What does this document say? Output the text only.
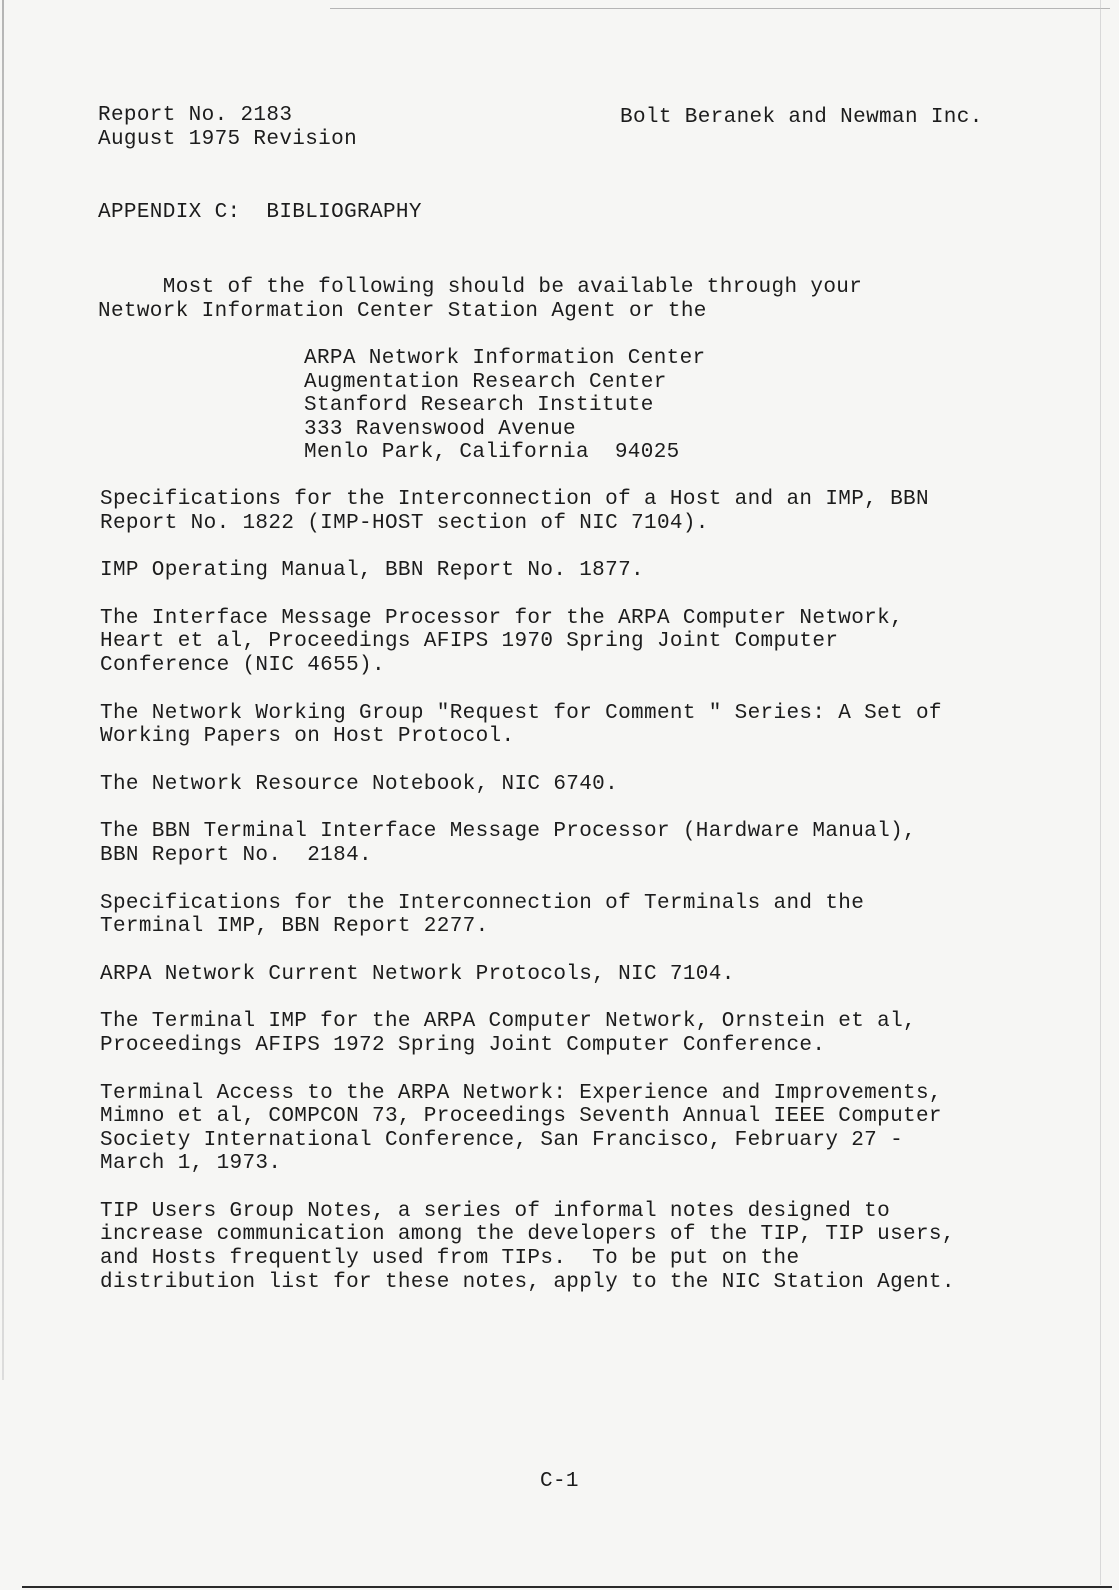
Report No. 2183
August 1975 Revision
Bolt Beranek and Newman Inc.
APPENDIX C:  BIBLIOGRAPHY
Most of the following should be available through your
Network Information Center Station Agent or the
ARPA Network Information Center
Augmentation Research Center
Stanford Research Institute
333 Ravenswood Avenue
Menlo Park, California  94025
Specifications for the Interconnection of a Host and an IMP, BBN
Report No. 1822 (IMP-HOST section of NIC 7104).
IMP Operating Manual, BBN Report No. 1877.
The Interface Message Processor for the ARPA Computer Network,
Heart et al, Proceedings AFIPS 1970 Spring Joint Computer
Conference (NIC 4655).
The Network Working Group "Request for Comment " Series: A Set of
Working Papers on Host Protocol.
The Network Resource Notebook, NIC 6740.
The BBN Terminal Interface Message Processor (Hardware Manual),
BBN Report No.  2184.
Specifications for the Interconnection of Terminals and the
Terminal IMP, BBN Report 2277.
ARPA Network Current Network Protocols, NIC 7104.
The Terminal IMP for the ARPA Computer Network, Ornstein et al,
Proceedings AFIPS 1972 Spring Joint Computer Conference.
Terminal Access to the ARPA Network: Experience and Improvements,
Mimno et al, COMPCON 73, Proceedings Seventh Annual IEEE Computer
Society International Conference, San Francisco, February 27 -
March 1, 1973.
TIP Users Group Notes, a series of informal notes designed to
increase communication among the developers of the TIP, TIP users,
and Hosts frequently used from TIPs.  To be put on the
distribution list for these notes, apply to the NIC Station Agent.
C-1
